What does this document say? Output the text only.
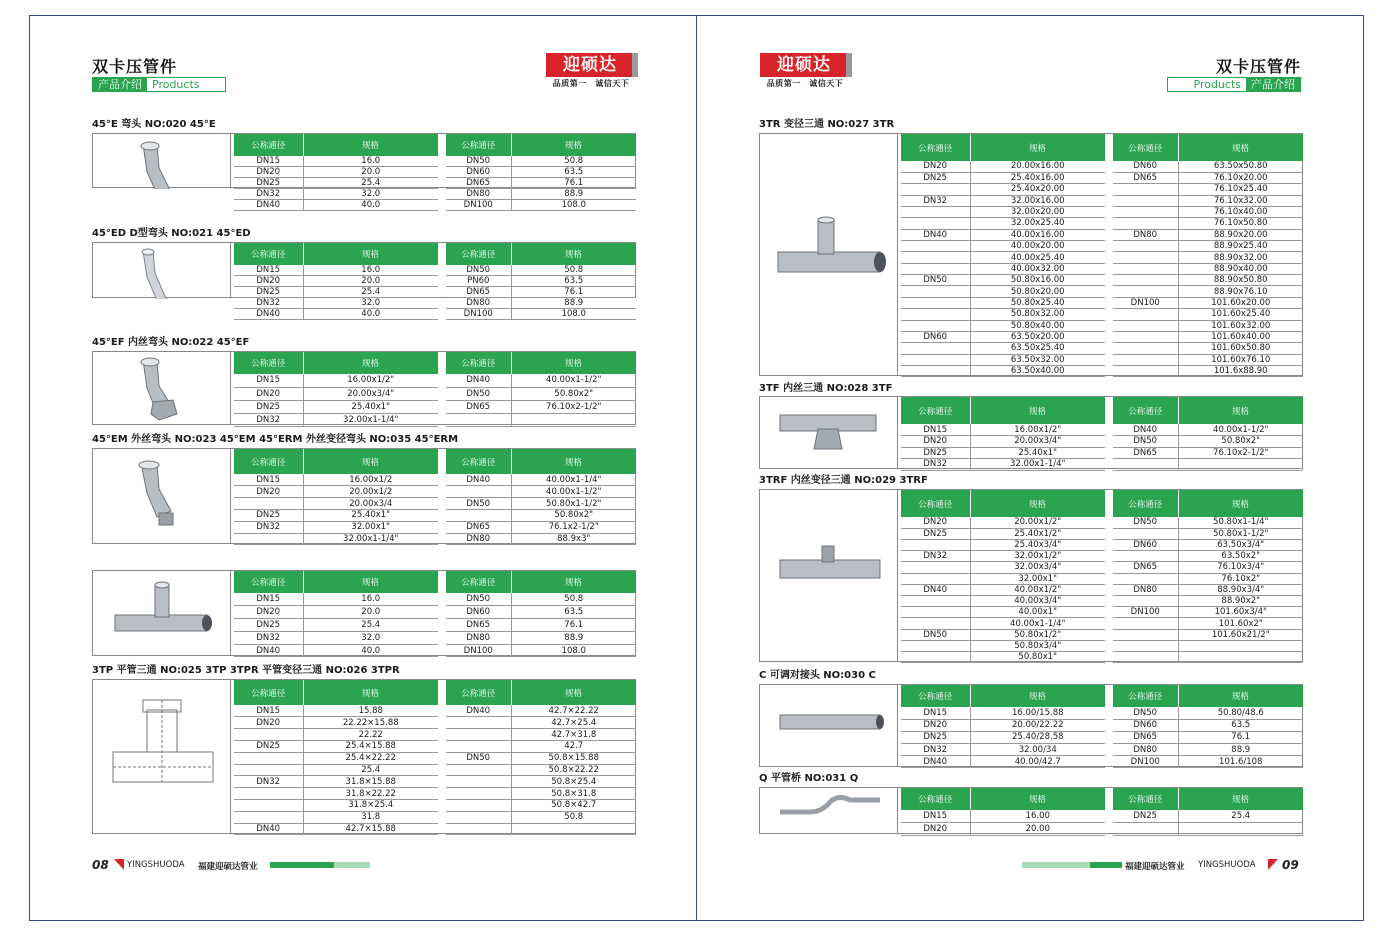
双卡压管件
产品介绍 Products
迎硕达
品质第一　诚信天下
45°E 弯头 NO:020 45°E
公称通径	规格
DN15	16.0
DN20	20.0
DN25	25.4
DN32	32.0
DN40	40.0
公称通径	规格
DN50	50.8
DN60	63.5
DN65	76.1
DN80	88.9
DN100	108.0
45°ED D型弯头 NO:021 45°ED
公称通径	规格
DN15	16.0
DN20	20.0
DN25	25.4
DN32	32.0
DN40	40.0
公称通径	规格
DN50	50.8
PN60	63.5
DN65	76.1
DN80	88.9
DN100	108.0
45°EF 内丝弯头 NO:022 45°EF
公称通径	规格
DN15	16.00x1/2"
DN20	20.00x3/4"
DN25	25.40x1"
DN32	32.00x1-1/4"
公称通径	规格
DN40	40.00x1-1/2"
DN50	50.80x2"
DN65	76.10x2-1/2"

45°EM 外丝弯头 NO:023 45°EM 45°ERM 外丝变径弯头 NO:035 45°ERM
公称通径	规格
DN15	16.00x1/2
DN20	20.00x1/2
	20.00x3/4
DN25	25.40x1"
DN32	32.00x1"
	32.00x1-1/4"
公称通径	规格
DN40	40.00x1-1/4"
	40.00x1-1/2"
DN50	50.80x1-1/2"
	50.80x2"
DN65	76.1x2-1/2"
DN80	88.9x3"
公称通径	规格
DN15	16.0
DN20	20.0
DN25	25.4
DN32	32.0
DN40	40.0
公称通径	规格
DN50	50.8
DN60	63.5
DN65	76.1
DN80	88.9
DN100	108.0
3TP 平管三通 NO:025 3TP 3TPR 平管变径三通 NO:026 3TPR
公称通径	规格
DN15	15.88
DN20	22.22×15.88
	22.22
DN25	25.4×15.88
	25.4×22.22
	25.4
DN32	31.8×15.88
	31.8×22.22
	31.8×25.4
	31.8
DN40	42.7×15.88
公称通径	规格
DN40	42.7×22.22
	42.7×25.4
	42.7×31.8
	42.7
DN50	50.8×15.88
	50.8×22.22
	50.8×25.4
	50.8×31.8
	50.8×42.7
	50.8

08 YINGSHUODA 福建迎硕达管业
迎硕达
品质第一　诚信天下
双卡压管件
Products 产品介绍
3TR 变径三通 NO:027 3TR
公称通径	规格
DN20	20.00x16.00
DN25	25.40x16.00
	25.40x20.00
DN32	32.00x16.00
	32.00x20.00
	32.00x25.40
DN40	40.00x16.00
	40.00x20.00
	40.00x25.40
	40.00x32.00
DN50	50.80x16.00
	50.80x20.00
	50.80x25.40
	50.80x32.00
	50.80x40.00
DN60	63.50x20.00
	63.50x25.40
	63.50x32.00
	63.50x40.00
公称通径	规格
DN60	63.50x50.80
DN65	76.10x20.00
	76.10x25.40
	76.10x32.00
	76.10x40.00
	76.10x50.80
DN80	88.90x20.00
	88.90x25.40
	88.90x32.00
	88.90x40.00
	88.90x50.80
	88.90x76.10
DN100	101.60x20.00
	101.60x25.40
	101.60x32.00
	101.60x40.00
	101.60x50.80
	101.60x76.10
	101.6x88.90
3TF 内丝三通 NO:028 3TF
公称通径	规格
DN15	16.00x1/2"
DN20	20.00x3/4"
DN25	25.40x1"
DN32	32.00x1-1/4"
公称通径	规格
DN40	40.00x1-1/2"
DN50	50.80x2"
DN65	76.10x2-1/2"

3TRF 内丝变径三通 NO:029 3TRF
公称通径	规格
DN20	20.00x1/2"
DN25	25.40x1/2"
	25.40x3/4"
DN32	32.00x1/2"
	32.00x3/4"
	32.00x1"
DN40	40.00x1/2"
	40.00x3/4"
	40.00x1"
	40.00x1-1/4"
DN50	50.80x1/2"
	50.80x3/4"
	50.80x1"
公称通径	规格
DN50	50.80x1-1/4"
	50.80x1-1/2"
DN60	63.50x3/4"
	63.50x2"
DN65	76.10x3/4"
	76.10x2"
DN80	88.90x3/4"
	88.90x2"
DN100	101.60x3/4"
	101.60x2"
	101.60x21/2"

C 可调对接头 NO:030 C
公称通径	规格
DN15	16.00/15.88
DN20	20.00/22.22
DN25	25.40/28.58
DN32	32.00/34
DN40	40.00/42.7
公称通径	规格
DN50	50.80/48.6
DN60	63.5
DN65	76.1
DN80	88.9
DN100	101.6/108
Q 平管桥 NO:031 Q
公称通径	规格
DN15	16.00
DN20	20.00
公称通径	规格
DN25	25.4

福建迎硕达管业 YINGSHUODA 09
